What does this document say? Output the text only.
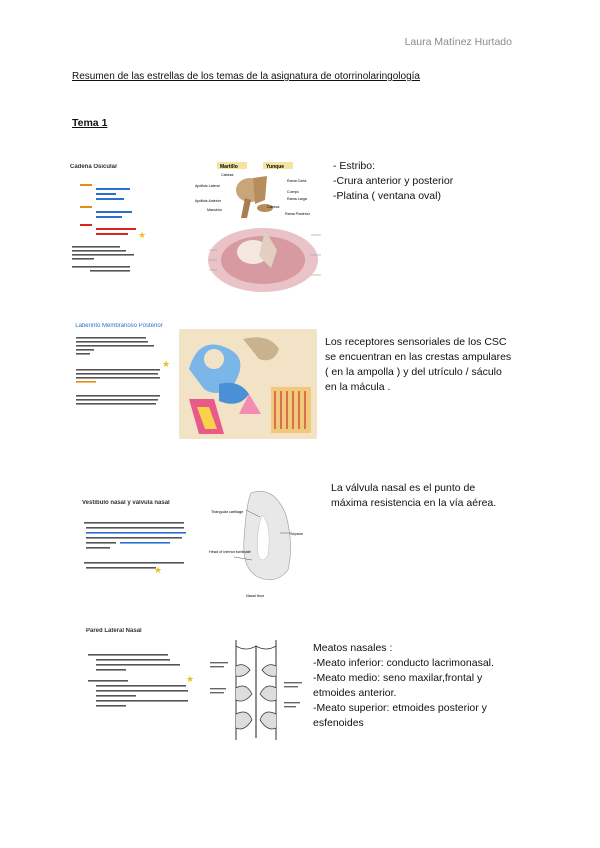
Laura Matínez Hurtado
Resumen de las estrellas de los temas de la asignatura de otorrinolaringología
Tema 1
Cadena Osicular
★
Martillo	Yunque
Cabeza
Apófisis Lateral
Rama Corta
Cuerpo
Rama Larga
Apófisis Anterior
Manubrio
Cabeza
Rama Posterior
- Estribo:
-Crura anterior y posterior
-Platina ( ventana oval)
Laberinto Membranoso Posterior
★
Los receptores sensoriales de los CSC
se encuentran en las crestas ampulares
( en la ampolla ) y del utrículo / sáculo
en la mácula .
Vestíbulo nasal y válvula nasal
★
Triangular cartilage
Septum
Head of inferior turbinate
Nasal floor
La válvula nasal es el punto de
máxima resistencia en la vía aérea.
Pared Lateral Nasal
★
Meatos nasales :
-Meato inferior: conducto lacrimonasal.
-Meato medio: seno maxilar,frontal y
etmoides anterior.
-Meato superior: etmoides posterior y
esfenoides
